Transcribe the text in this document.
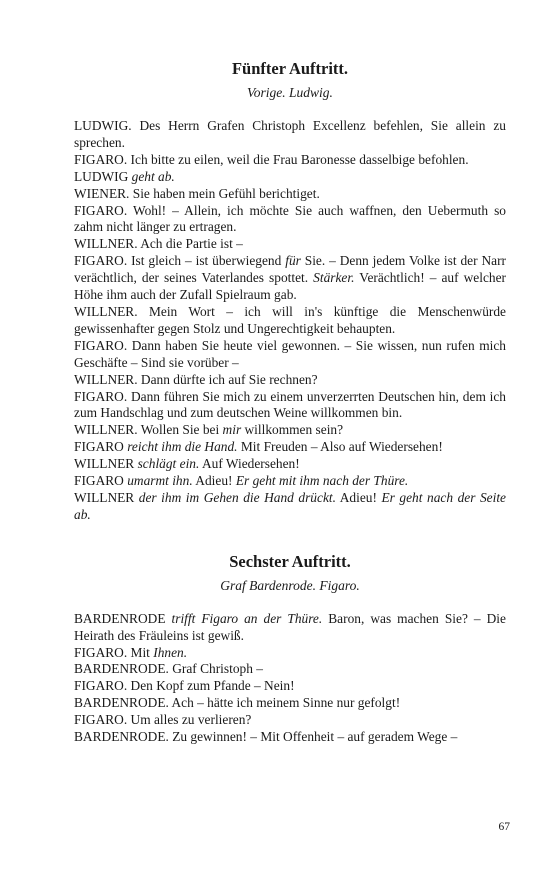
Fünfter Auftritt.

Vorige. Ludwig.

LUDWIG. Des Herrn Grafen Christoph Excellenz befehlen, Sie allein zu sprechen.

FIGARO. Ich bitte zu eilen, weil die Frau Baronesse dasselbige befohlen.

LUDWIG geht ab.

WIENER. Sie haben mein Gefühl berichtiget.

FIGARO. Wohl! – Allein, ich möchte Sie auch waffnen, den Uebermuth so zahm nicht länger zu ertragen.

WILLNER. Ach die Partie ist –

FIGARO. Ist gleich – ist überwiegend für Sie. – Denn jedem Volke ist der Narr verächtlich, der seines Vaterlandes spottet. Stärker. Verächtlich! – auf welcher Höhe ihm auch der Zufall Spielraum gab.

WILLNER. Mein Wort – ich will in's künftige die Menschenwürde gewissenhafter gegen Stolz und Ungerechtigkeit behaupten.

FIGARO. Dann haben Sie heute viel gewonnen. – Sie wissen, nun rufen mich Geschäfte – Sind sie vorüber –

WILLNER. Dann dürfte ich auf Sie rechnen?

FIGARO. Dann führen Sie mich zu einem unverzerrten Deutschen hin, dem ich zum Handschlag und zum deutschen Weine willkommen bin.

WILLNER. Wollen Sie bei mir willkommen sein?

FIGARO reicht ihm die Hand. Mit Freuden – Also auf Wiedersehen!

WILLNER schlägt ein. Auf Wiedersehen!

FIGARO umarmt ihn. Adieu! Er geht mit ihm nach der Thüre.

WILLNER der ihm im Gehen die Hand drückt. Adieu! Er geht nach der Seite ab.

Sechster Auftritt.

Graf Bardenrode. Figaro.

BARDENRODE trifft Figaro an der Thüre. Baron, was machen Sie? – Die Heirath des Fräuleins ist gewiß.

FIGARO. Mit Ihnen.

BARDENRODE. Graf Christoph –

FIGARO. Den Kopf zum Pfande – Nein!

BARDENRODE. Ach – hätte ich meinem Sinne nur gefolgt!

FIGARO. Um alles zu verlieren?

BARDENRODE. Zu gewinnen! – Mit Offenheit – auf geradem Wege –

67
